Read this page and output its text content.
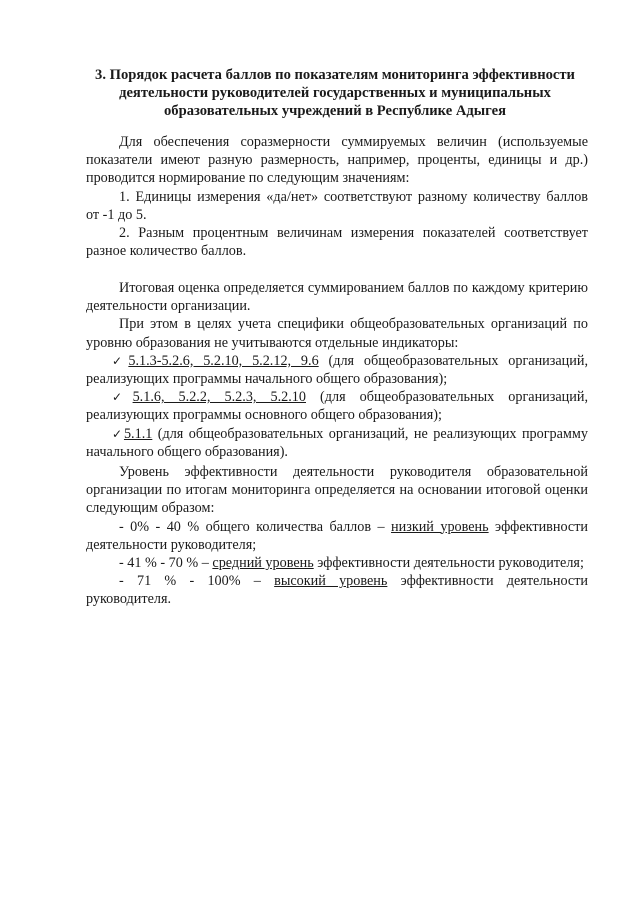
3. Порядок расчета баллов по показателям мониторинга эффективности
деятельности руководителей государственных и муниципальных
образовательных учреждений в Республике Адыгея

Для обеспечения соразмерности суммируемых величин (используемые показатели имеют разную размерность, например, проценты, единицы и др.) проводится нормирование по следующим значениям:

1. Единицы измерения «да/нет» соответствуют разному количеству баллов от -1 до 5.

2. Разным процентным величинам измерения показателей соответствует разное количество баллов.

Итоговая оценка определяется суммированием баллов по каждому критерию деятельности организации.

При этом в целях учета специфики общеобразовательных организаций по уровню образования не учитываются отдельные индикаторы:

✓5.1.3-5.2.6, 5.2.10, 5.2.12, 9.6 (для общеобразовательных организаций, реализующих программы начального общего образования);

✓5.1.6, 5.2.2, 5.2.3, 5.2.10 (для общеобразовательных организаций, реализующих программы основного общего образования);

✓5.1.1 (для общеобразовательных организаций, не реализующих программу начального общего образования).

Уровень эффективности деятельности руководителя образовательной организации по итогам мониторинга определяется на основании итоговой оценки следующим образом:

- 0% - 40 % общего количества баллов – низкий уровень эффективности деятельности руководителя;

- 41 % - 70 % – средний уровень эффективности деятельности руководителя;

- 71 % - 100% – высокий уровень эффективности деятельности руководителя.
